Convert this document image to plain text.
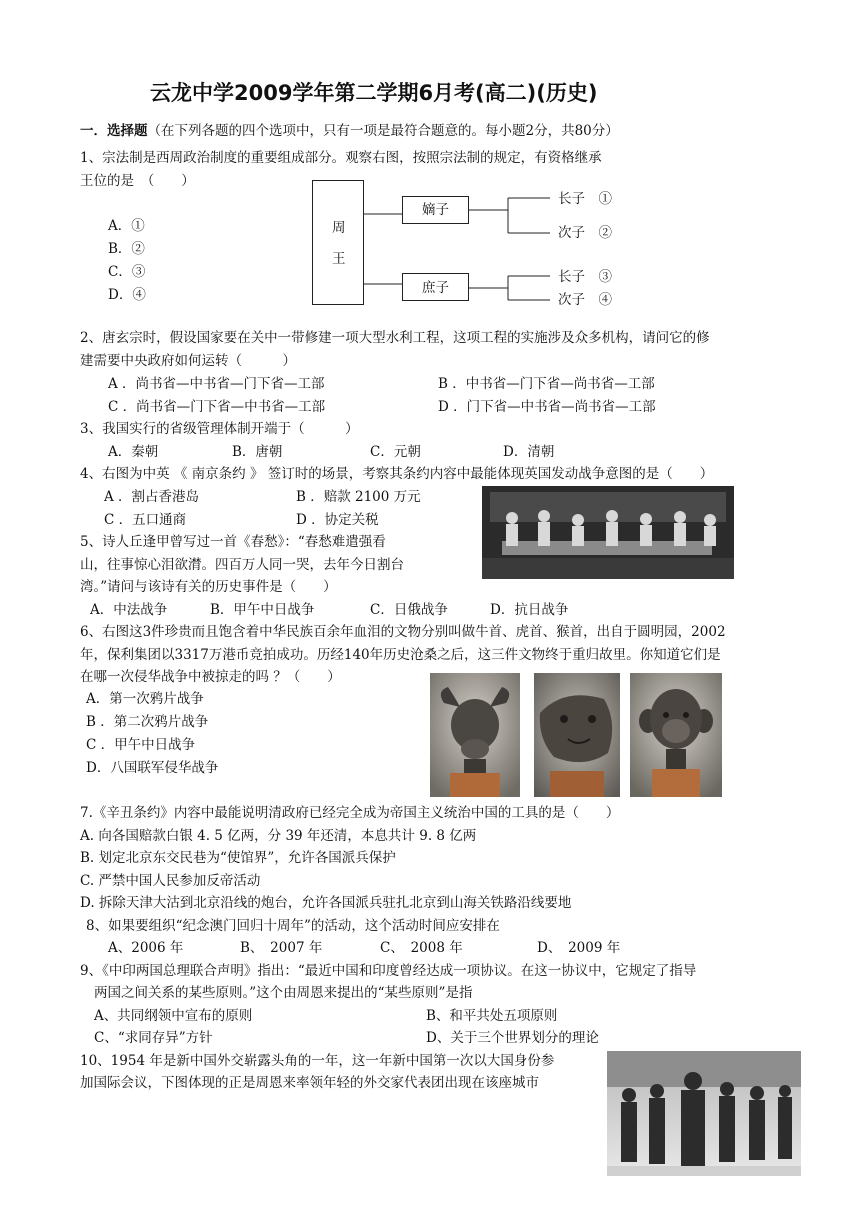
云龙中学2009学年第二学期6月考(高二)(历史)
一．选择题（在下列各题的四个选项中，只有一项是最符合题意的。每小题2分，共80分）
1、宗法制是西周政治制度的重要组成部分。观察右图，按照宗法制的规定，有资格继承
王位的是　（　　）
A．①
B．②
C．③
D．④
周
王
嫡子
庶子
长子　①
次子　②
长子　③
次子　④
2、唐玄宗时，假设国家要在关中一带修建一项大型水利工程，这项工程的实施涉及众多机构，请问它的修
建需要中央政府如何运转（　　　）
A ．尚书省—中书省—门下省—工部	B ．中书省—门下省—尚书省—工部
C ．尚书省—门下省—中书省—工部	D ．门下省—中书省—尚书省—工部
3、我国实行的省级管理体制开端于（　　　）
A．秦朝	B．唐朝	C．元朝	D．清朝
4、右图为中英 《 南京条约 》 签订时的场景，考察其条约内容中最能体现英国发动战争意图的是（　　）
A ．割占香港岛	B ．赔款 2100 万元
C ．五口通商	D ．协定关税
5、诗人丘逢甲曾写过一首《春愁》：“春愁难遣强看
山，往事惊心泪欲潸。四百万人同一哭，去年今日割台
湾。”请问与该诗有关的历史事件是（　　）
A．中法战争	B．甲午中日战争	C．日俄战争	D．抗日战争
6、右图这3件珍贵而且饱含着中华民族百余年血泪的文物分别叫做牛首、虎首、猴首，出自于圆明园，2002
年，保利集团以3317万港币竞拍成功。历经140年历史沧桑之后，这三件文物终于重归故里。你知道它们是
在哪一次侵华战争中被掠走的吗 ？（　　）
A．第一次鸦片战争
B ．第二次鸦片战争
C ．甲午中日战争
D．八国联军侵华战争
7.《辛丑条约》内容中最能说明清政府已经完全成为帝国主义统治中国的工具的是（　　）
A. 向各国赔款白银 4. 5 亿两，分 39 年还清，本息共计 9. 8 亿两
B. 划定北京东交民巷为“使馆界”，允许各国派兵保护
C. 严禁中国人民参加反帝活动
D. 拆除天津大沽到北京沿线的炮台，允许各国派兵驻扎北京到山海关铁路沿线要地
8、如果要组织“纪念澳门回归十周年”的活动，这个活动时间应安排在
A、2006 年	B、　2007 年	C、　2008 年	D、　2009 年
9、《中印两国总理联合声明》指出：“最近中国和印度曾经达成一项协议。在这一协议中，它规定了指导
两国之间关系的某些原则。”这个由周恩来提出的“某些原则”是指
A、共同纲领中宣布的原则	B、和平共处五项原则
C、“求同存异”方针	D、关于三个世界划分的理论
10、1954 年是新中国外交崭露头角的一年，这一年新中国第一次以大国身份参
加国际会议，下图体现的正是周恩来率领年轻的外交家代表团出现在该座城市
